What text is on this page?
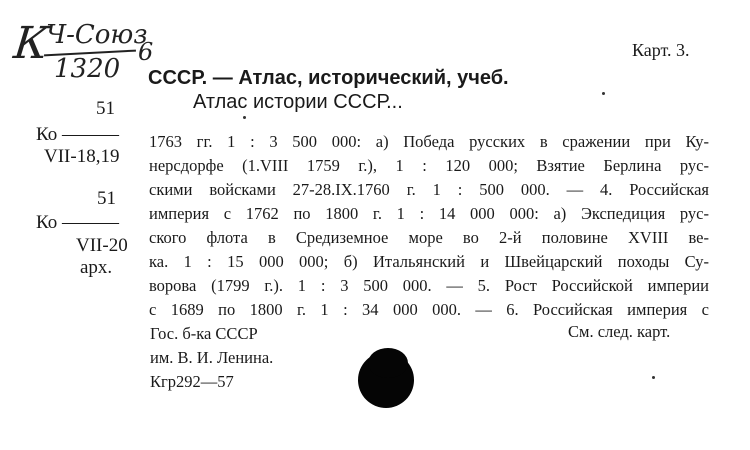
К
Ч-Союз
1320
6	Карт. 3.
СССР. — Атлас, исторический, учеб.
Атлас истории СССР...
51
Ко ———
VII-18,19
51
Ко ———
VII-20
арх.
1763 гг. 1 : 3 500 000: а) Победа русских в сражении при Ку-
нерсдорфе (1.VIII 1759 г.), 1 : 120 000; Взятие Берлина рус-
скими войсками 27-28.IX.1760 г. 1 : 500 000. — 4. Российская
империя с 1762 по 1800 г. 1 : 14 000 000: а) Экспедиция рус-
ского флота в Средиземное море во 2-й половине XVIII ве-
ка. 1 : 15 000 000; б) Итальянский и Швейцарский походы Су-
ворова (1799 г.). 1 : 3 500 000. — 5. Рост Российской империи
с 1689 по 1800 г. 1 : 34 000 000. — 6. Российская империя с
Гос. б-ка СССР
им. В. И. Ленина.
Кгр292—57
См. след. карт.
